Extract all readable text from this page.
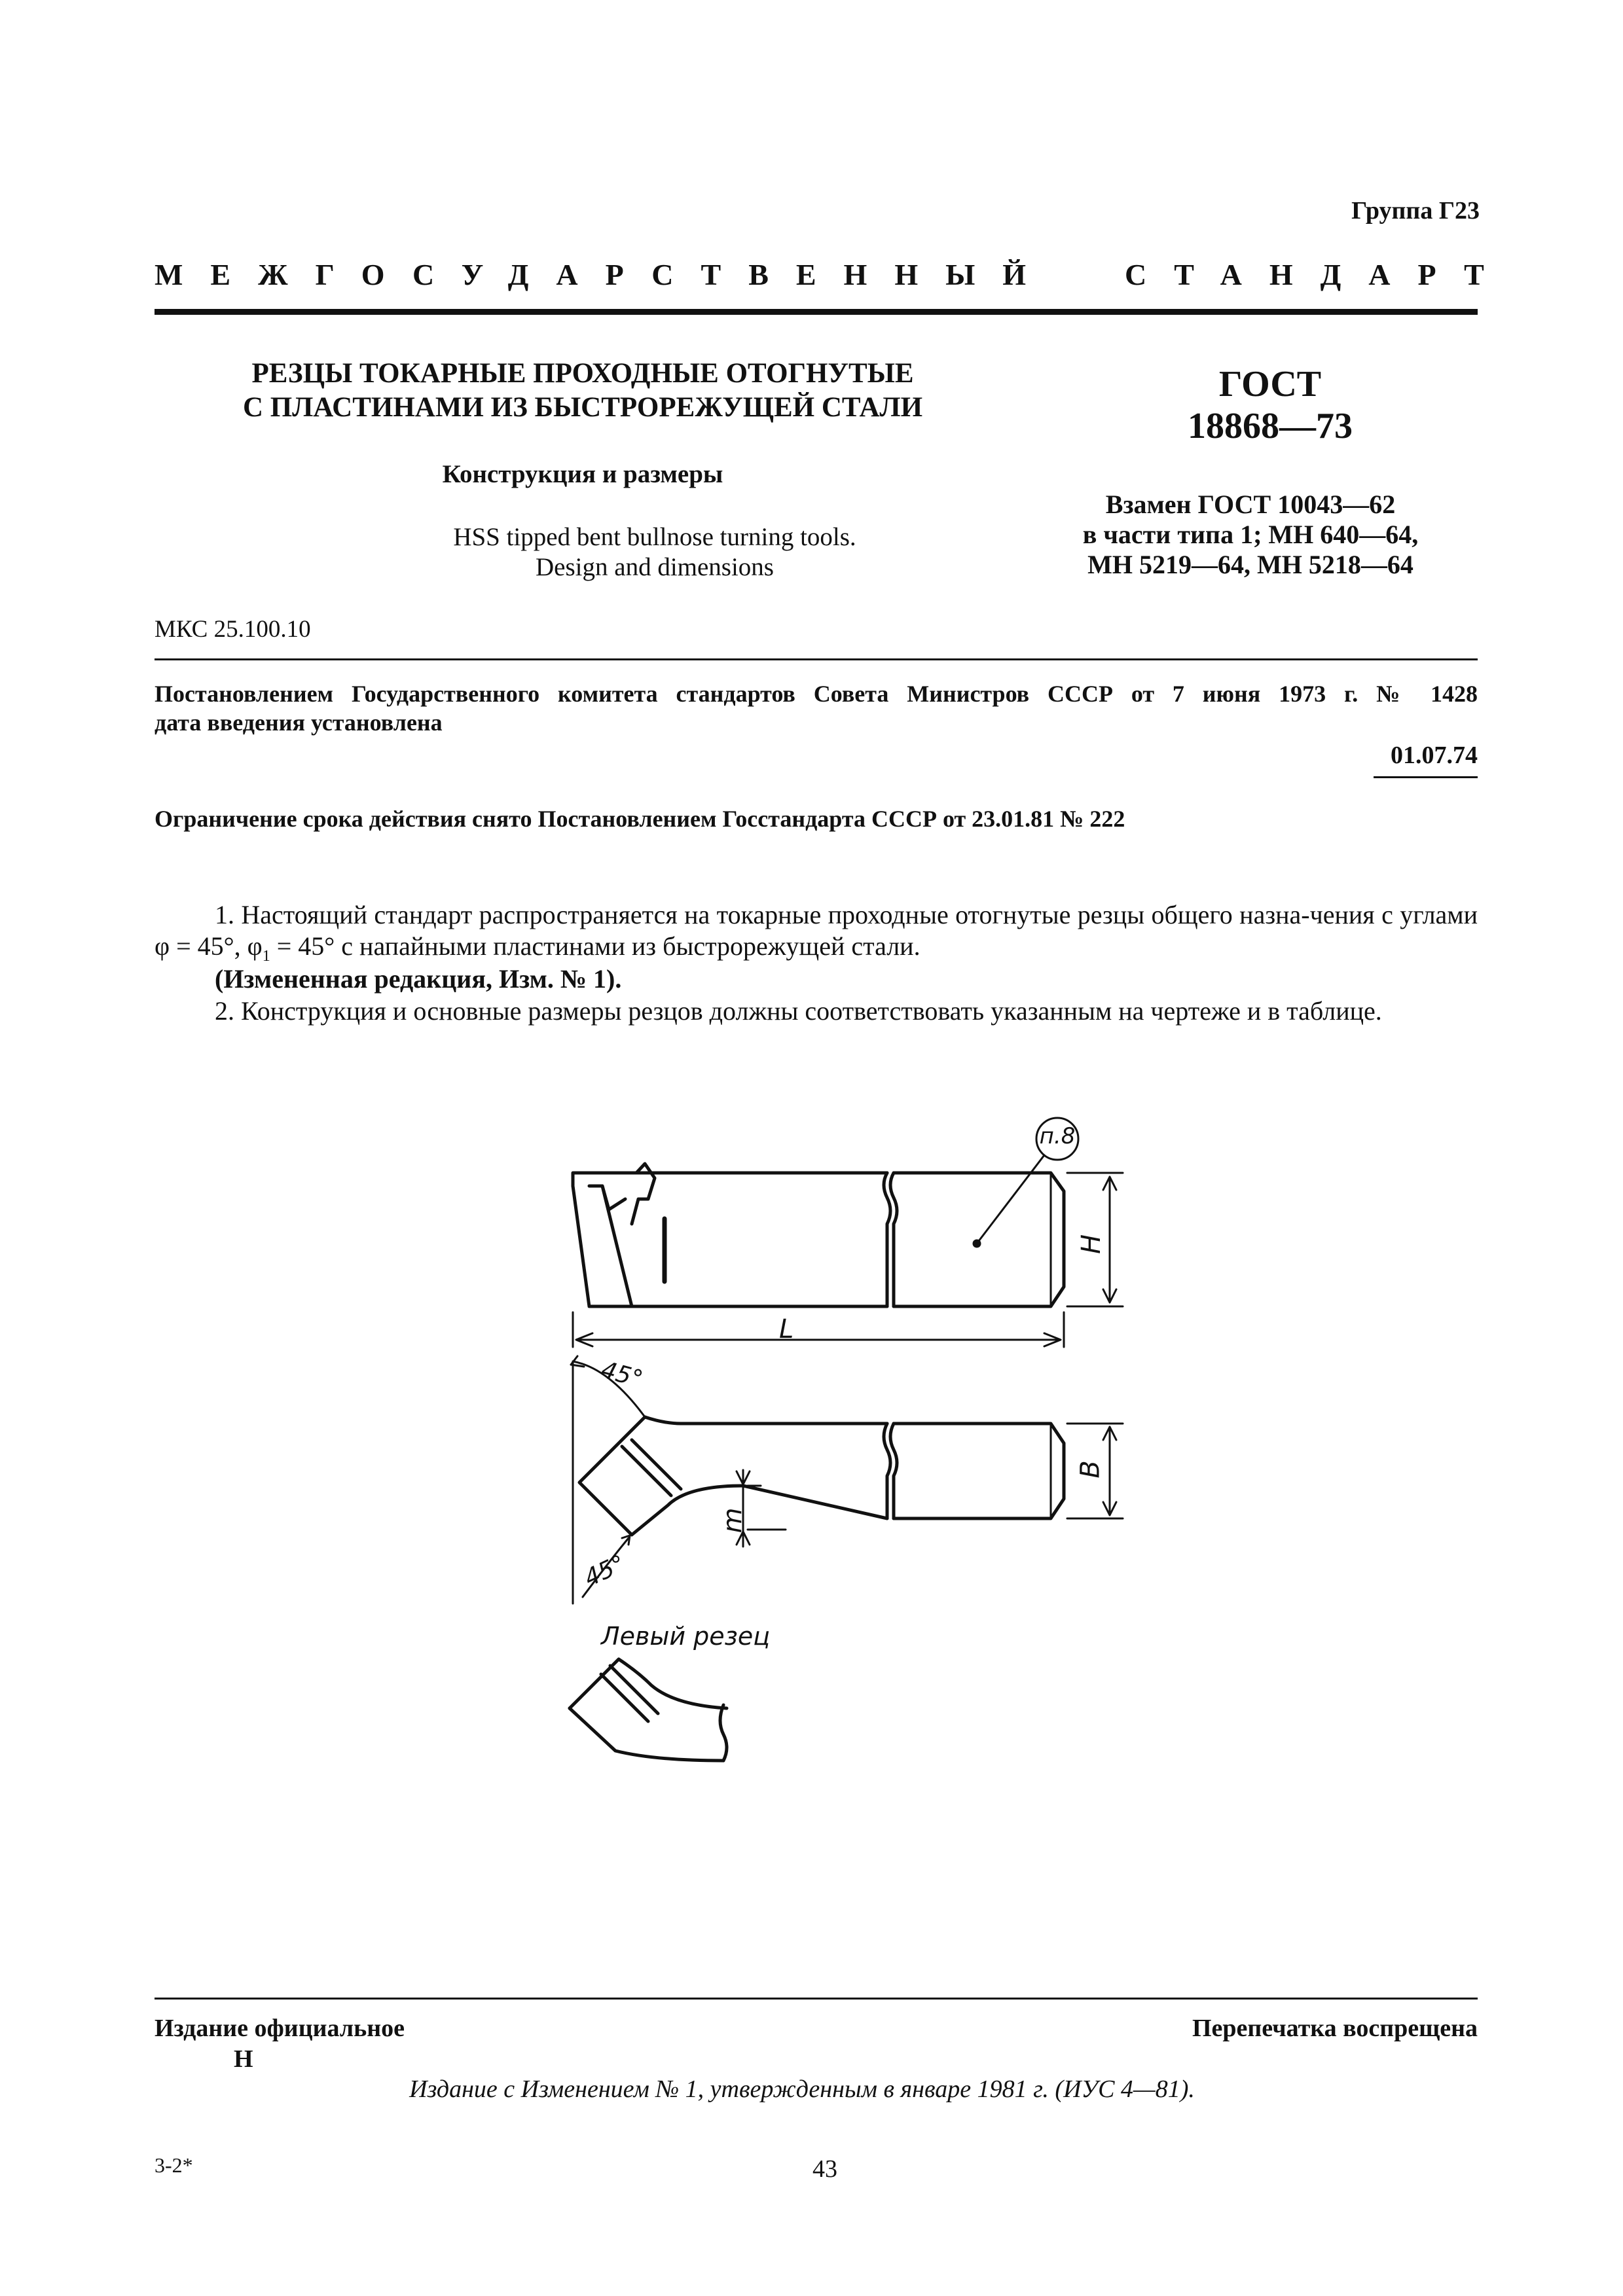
Группа Г23
МЕЖГОСУДАРСТВЕННЫЙ СТАНДАРТ
РЕЗЦЫ ТОКАРНЫЕ ПРОХОДНЫЕ ОТОГНУТЫЕ
С ПЛАСТИНАМИ ИЗ БЫСТРОРЕЖУЩЕЙ СТАЛИ
Конструкция и размеры
HSS tipped bent bullnose turning tools.
Design and dimensions
ГОСТ
18868—73
Взамен ГОСТ 10043—62
в части типа 1; МН 640—64,
МН 5219—64, МН 5218—64
МКС 25.100.10
Постановлением Государственного комитета стандартов Совета Министров СССР от 7 июня 1973 г. № 1428
дата введения установлена
01.07.74
Ограничение срока действия снято Постановлением Госстандарта СССР от 23.01.81 № 222
1. Настоящий стандарт распространяется на токарные проходные отогнутые резцы общего назна-чения с углами φ = 45°, $\varphi_1 = 45^\circ$ с напайными пластинами из быстрорежущей стали.
(Измененная редакция, Изм. № 1).
2. Конструкция и основные размеры резцов должны соответствовать указанным на чертеже и в таблице.
п.8
H
L
B
m
45°
45°
Левый резец
Издание официальное
Н
Перепечатка воспрещена
Издание с Изменением № 1, утвержденным в январе 1981 г. (ИУС 4—81).
3-2*	43
